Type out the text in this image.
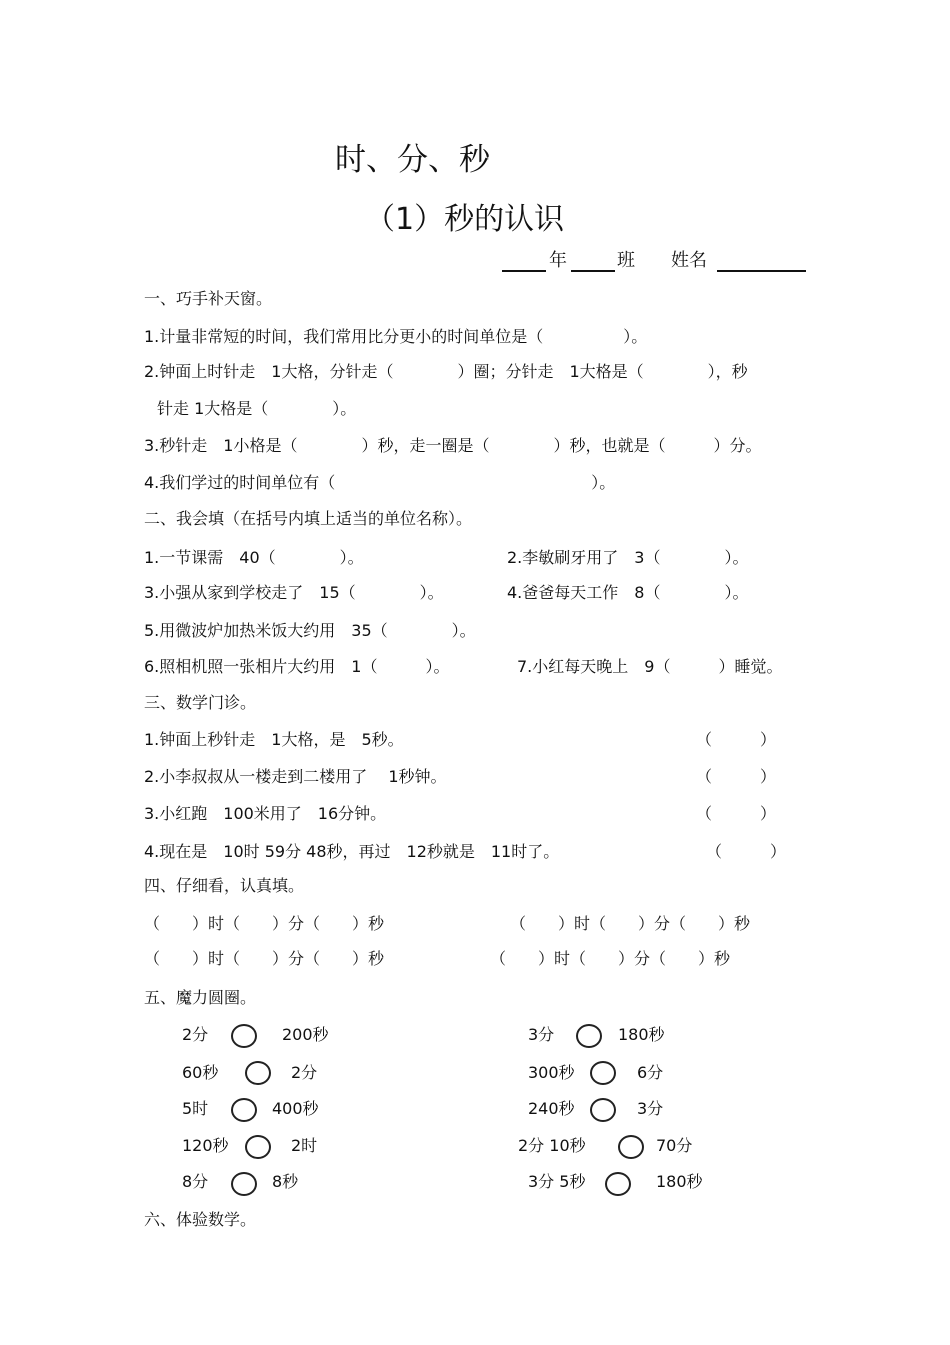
时、分、秒
（1）秒的认识
年	班 姓名
一、巧手补天窗。
1.计量非常短的时间，我们常用比分更小的时间单位是（　　　　　）。
2.钟面上时针走　1大格，分针走（　　　　）圈；分针走　1大格是（　　　　），秒
针走 1大格是（　　　　）。
3.秒针走　1小格是（　　　　）秒，走一圈是（　　　　）秒，也就是（　　　）分。
4.我们学过的时间单位有（　　　　　　　　　　　　　　　　）。
二、我会填（在括号内填上适当的单位名称）。
1.一节课需　40（　　　　）。	2.李敏刷牙用了　3（　　　　）。
3.小强从家到学校走了　15（　　　　）。	4.爸爸每天工作　8（　　　　）。
5.用微波炉加热米饭大约用　35（　　　　）。
6.照相机照一张相片大约用　1（　　　）。	7.小红每天晚上　9（　　　）睡觉。
三、数学门诊。
1.钟面上秒针走　1大格，是　5秒。	（　　　）
2.小李叔叔从一楼走到二楼用了　 1秒钟。	（　　　）
3.小红跑　100米用了　16分钟。	（　　　）
4.现在是　10时 59分 48秒，再过　12秒就是　11时了。	（　　　）
四、仔细看，认真填。
（　　）时（　　）分（　　）秒	（　　）时（　　）分（　　）秒
（　　）时（　　）分（　　）秒	（　　）时（　　）分（　　）秒
五、魔力圆圈。
2分	200秒	3分	180秒
60秒	2分	300秒	6分
5时	400秒	240秒	3分
120秒	2时	2分 10秒	70分
8分	8秒	3分 5秒	180秒
六、体验数学。
